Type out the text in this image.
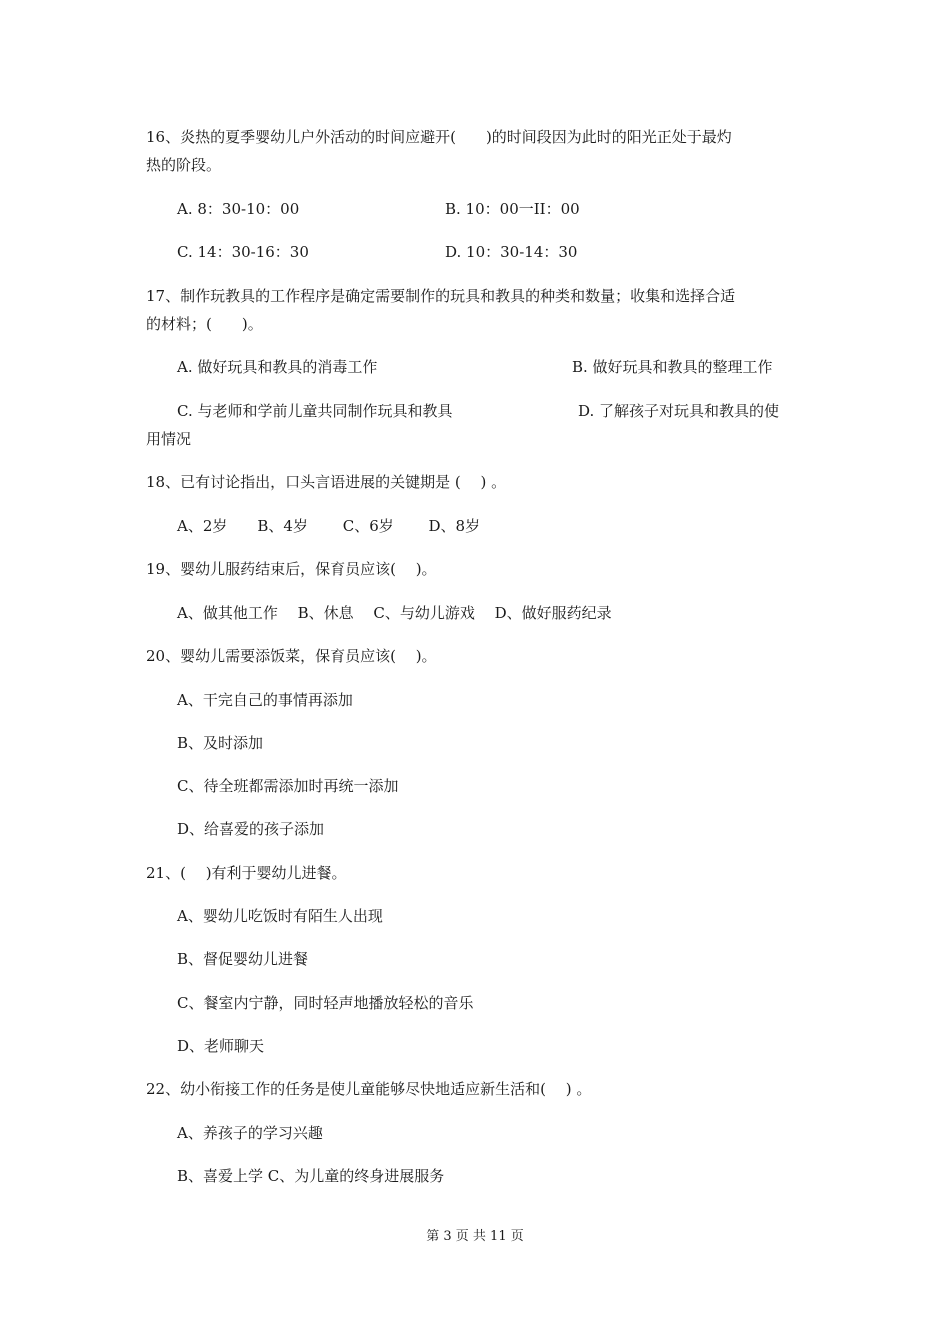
16、炎热的夏季婴幼儿户外活动的时间应避开(　　)的时间段因为此时的阳光正处于最灼
热的阶段。
A. 8：30-10：00	B. 10：00一II：00
C. 14：30-16：30	D. 10：30-14：30
17、制作玩教具的工作程序是确定需要制作的玩具和教具的种类和数量；收集和选择合适
的材料；(　　)。
A. 做好玩具和教具的消毒工作	B. 做好玩具和教具的整理工作
C. 与老师和学前儿童共同制作玩具和教具	D. 了解孩子对玩具和教具的使
用情况
18、已有讨论指出，口头言语进展的关键期是 (　 ) 。
A、2岁　　B、4岁　　 C、6岁　　 D、8岁
19、婴幼儿服药结束后，保育员应该(　 )。
A、做其他工作　 B、休息　 C、与幼儿游戏　 D、做好服药纪录
20、婴幼儿需要添饭菜，保育员应该(　 )。
A、干完自己的事情再添加
B、及时添加
C、待全班都需添加时再统一添加
D、给喜爱的孩子添加
21、(　 )有利于婴幼儿进餐。
A、婴幼儿吃饭时有陌生人出现
B、督促婴幼儿进餐
C、餐室内宁静，同时轻声地播放轻松的音乐
D、老师聊天
22、幼小衔接工作的任务是使儿童能够尽快地适应新生活和(　 ) 。
A、养孩子的学习兴趣
B、喜爱上学 C、为儿童的终身进展服务
第 3 页 共 11 页
